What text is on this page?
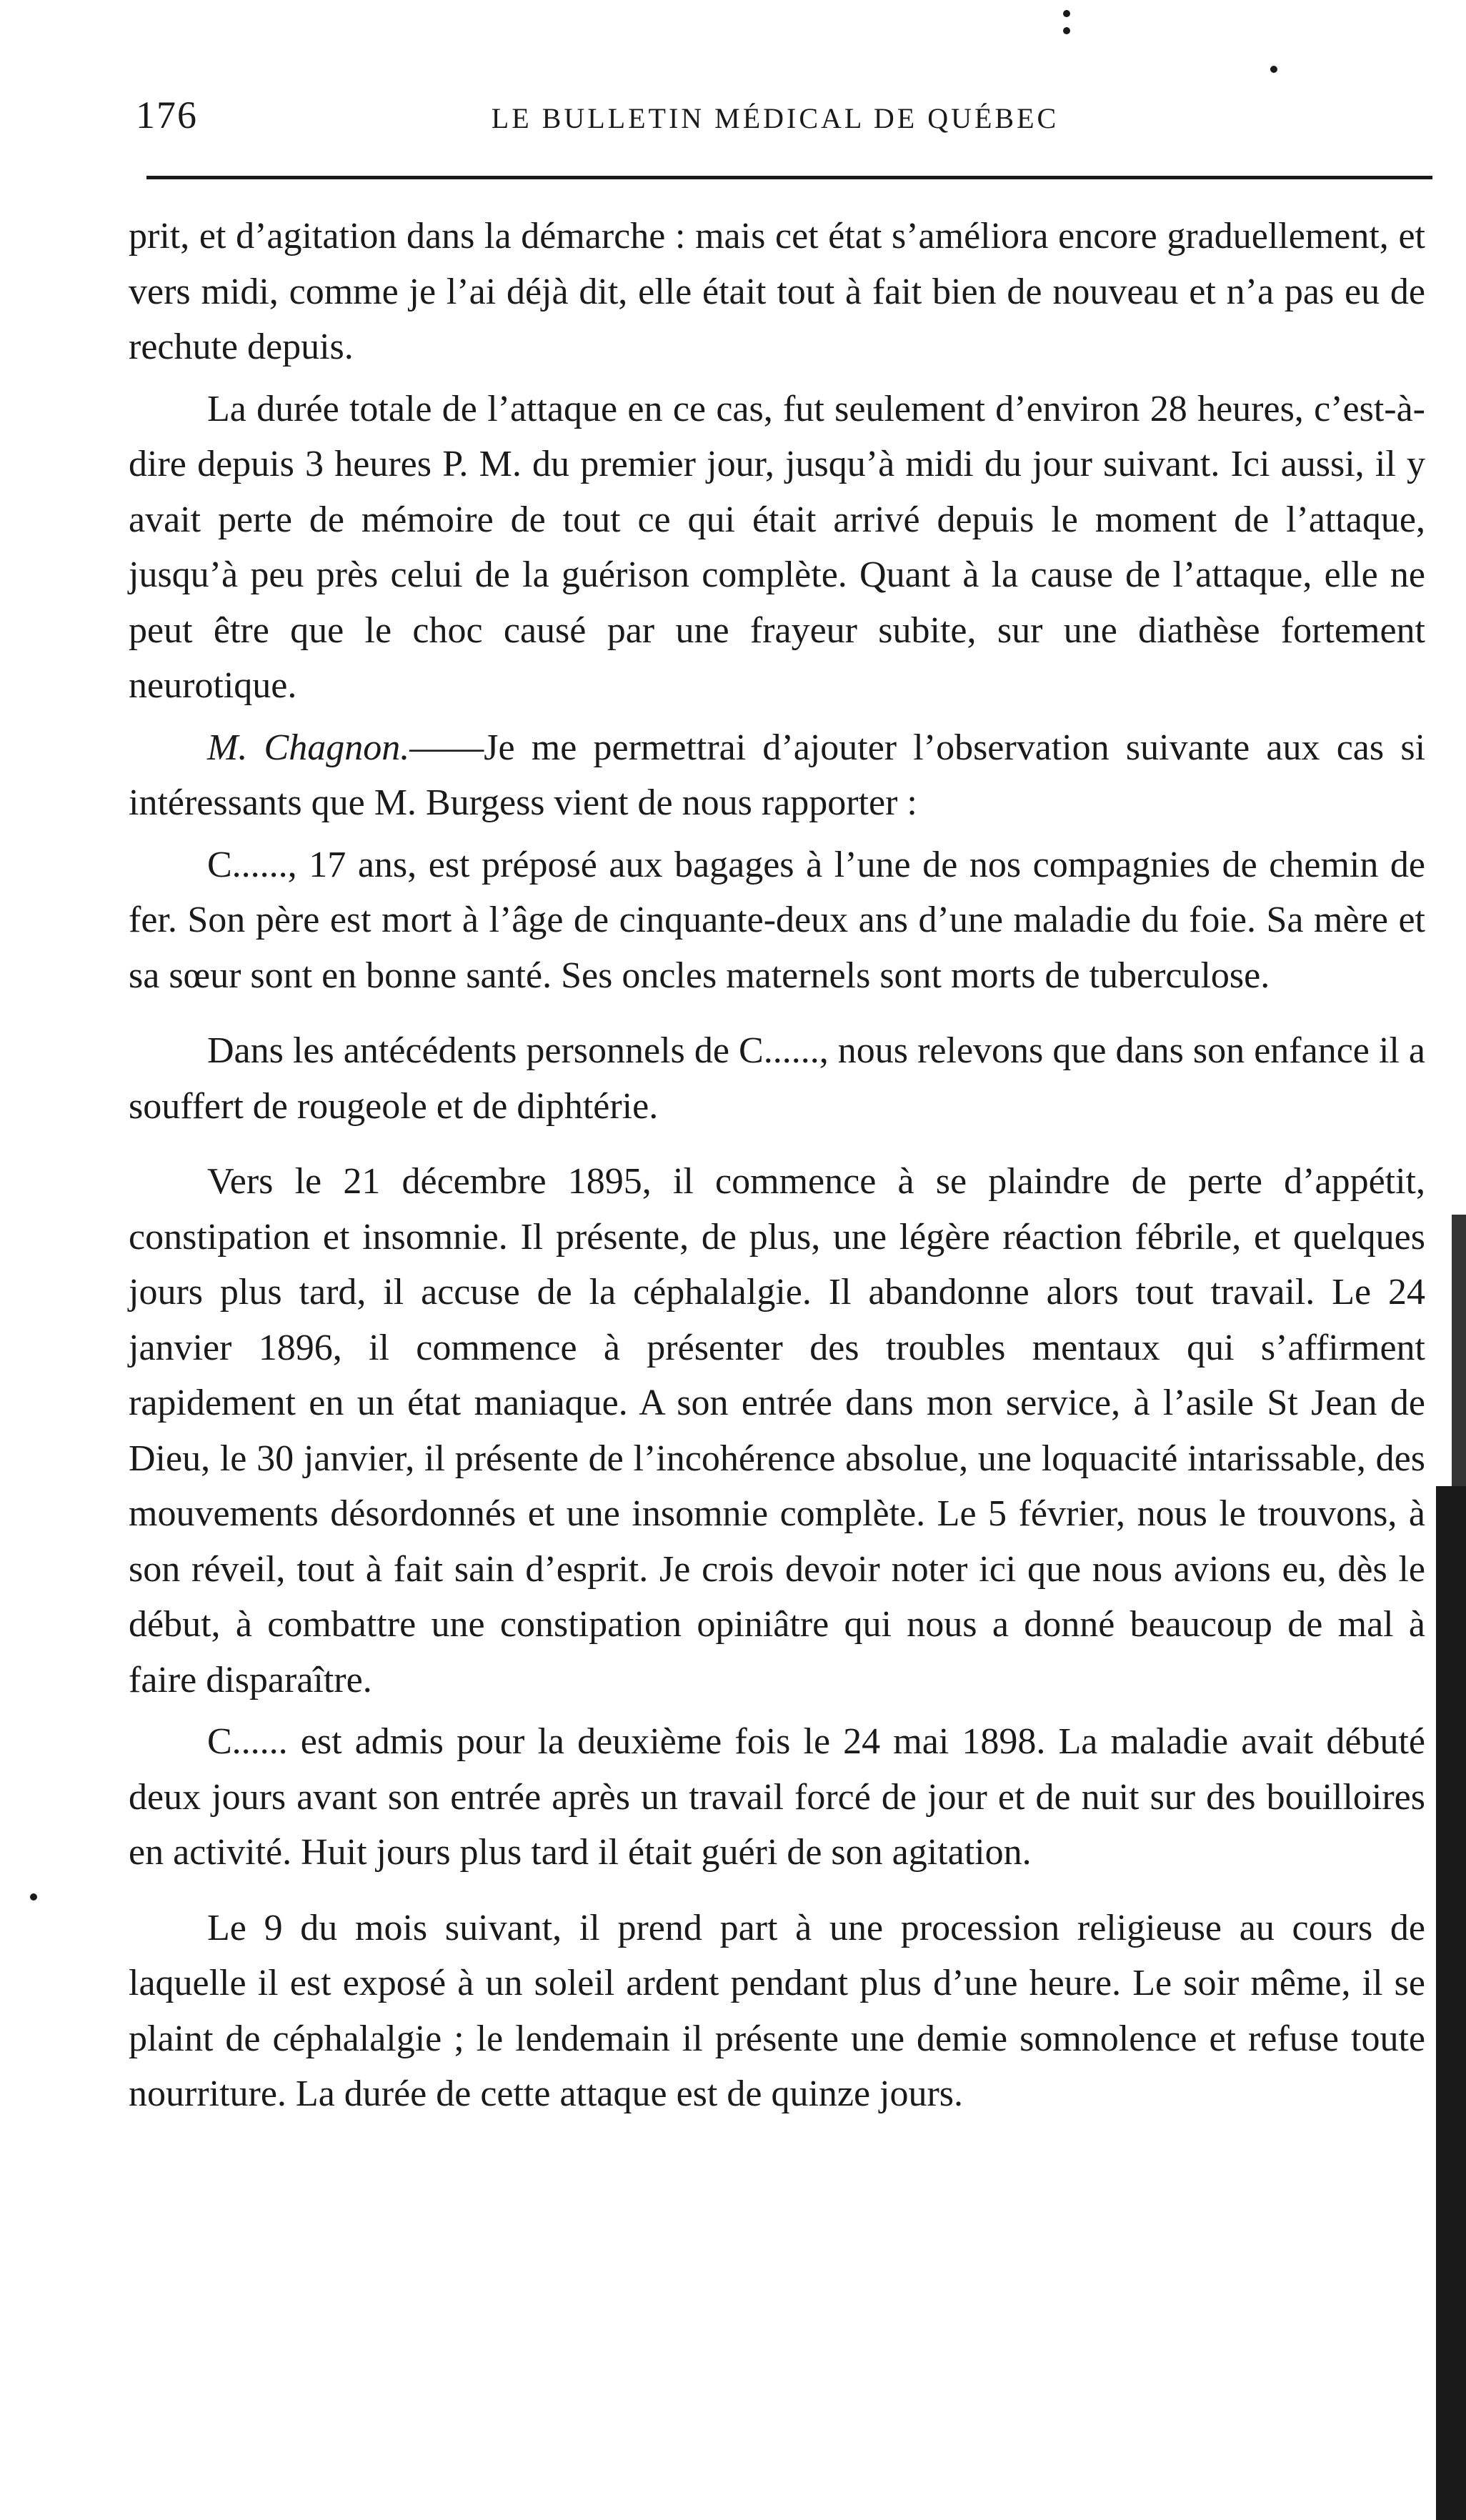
176	LE BULLETIN MÉDICAL DE QUÉBEC

prit, et d’agitation dans la démarche : mais cet état s’améliora encore graduellement, et vers midi, comme je l’ai déjà dit, elle était tout à fait bien de nouveau et n’a pas eu de rechute depuis.

La durée totale de l’attaque en ce cas, fut seulement d’environ 28 heures, c’est-à-dire depuis 3 heures P. M. du premier jour, jusqu’à midi du jour suivant. Ici aussi, il y avait perte de mémoire de tout ce qui était arrivé depuis le moment de l’attaque, jusqu’à peu près celui de la guérison complète. Quant à la cause de l’attaque, elle ne peut être que le choc causé par une frayeur subite, sur une diathèse fortement neurotique.

M. Chagnon.——Je me permettrai d’ajouter l’observation suivante aux cas si intéressants que M. Burgess vient de nous rapporter :

C......, 17 ans, est préposé aux bagages à l’une de nos compagnies de chemin de fer. Son père est mort à l’âge de cinquante-deux ans d’une maladie du foie. Sa mère et sa sœur sont en bonne santé. Ses oncles maternels sont morts de tuberculose.

Dans les antécédents personnels de C......, nous relevons que dans son enfance il a souffert de rougeole et de diphtérie.

Vers le 21 décembre 1895, il commence à se plaindre de perte d’appétit, constipation et insomnie. Il présente, de plus, une légère réaction fébrile, et quelques jours plus tard, il accuse de la céphalalgie. Il abandonne alors tout travail. Le 24 janvier 1896, il commence à présenter des troubles mentaux qui s’affirment rapidement en un état maniaque. A son entrée dans mon service, à l’asile St Jean de Dieu, le 30 janvier, il présente de l’incohérence absolue, une loquacité intarissable, des mouvements désordonnés et une insomnie complète. Le 5 février, nous le trouvons, à son réveil, tout à fait sain d’esprit. Je crois devoir noter ici que nous avions eu, dès le début, à combattre une constipation opiniâtre qui nous a donné beaucoup de mal à faire disparaître.

C...... est admis pour la deuxième fois le 24 mai 1898. La maladie avait débuté deux jours avant son entrée après un travail forcé de jour et de nuit sur des bouilloires en activité. Huit jours plus tard il était guéri de son agitation.

Le 9 du mois suivant, il prend part à une procession religieuse au cours de laquelle il est exposé à un soleil ardent pendant plus d’une heure. Le soir même, il se plaint de céphalalgie ; le lendemain il présente une demie somnolence et refuse toute nourriture. La durée de cette attaque est de quinze jours.
